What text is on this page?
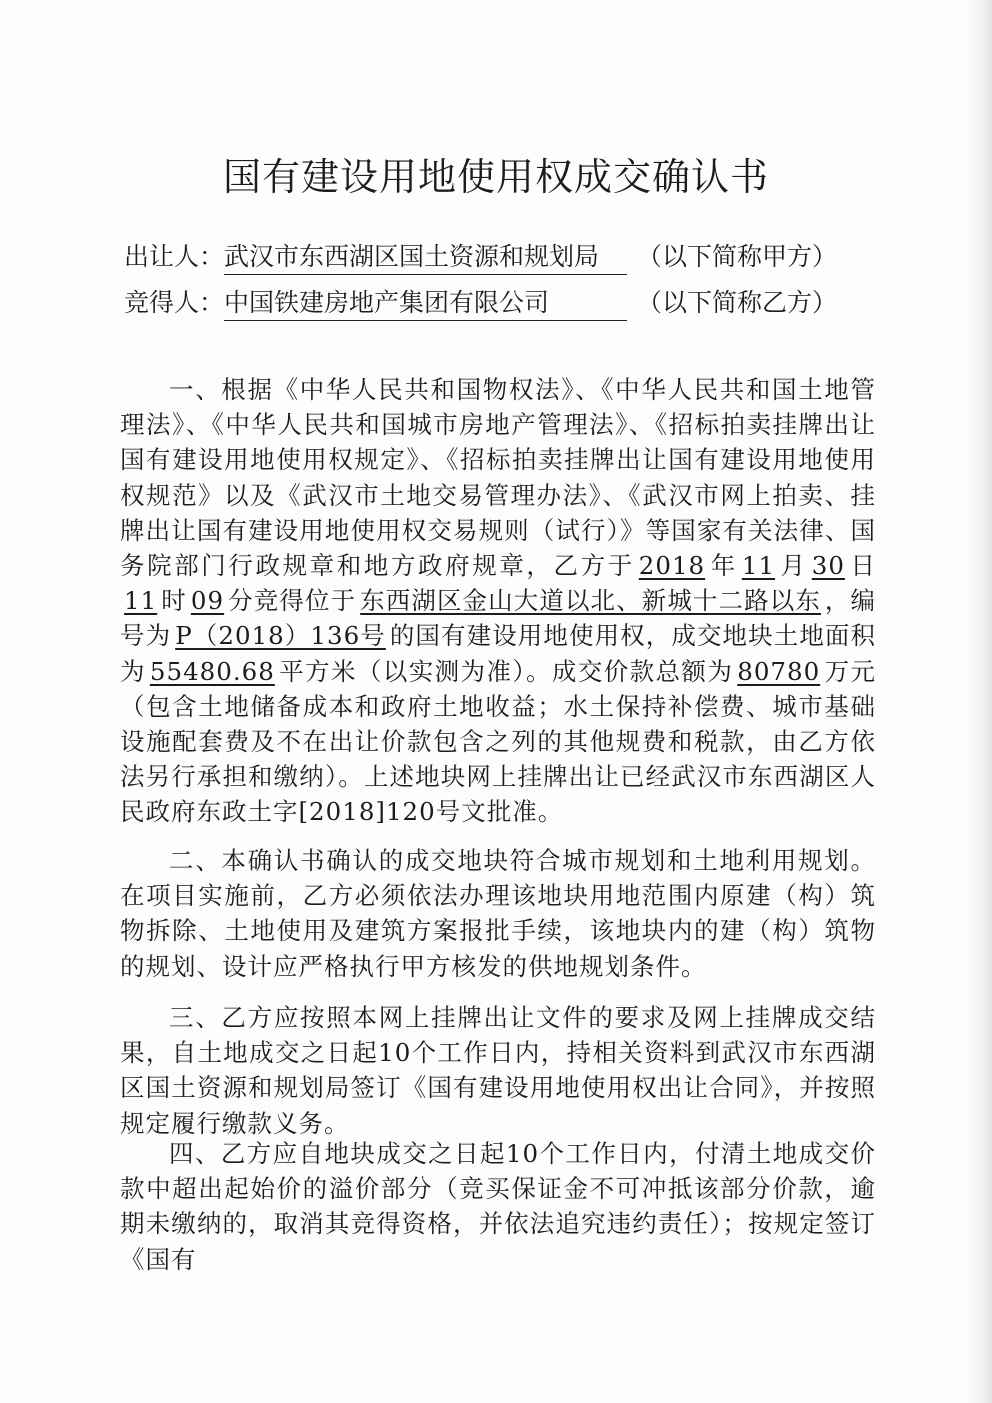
国有建设用地使用权成交确认书
出让人：武汉市东西湖区国土资源和规划局 （以下简称甲方）
竞得人：中国铁建房地产集团有限公司	（以下简称乙方）

一、根据《中华人民共和国物权法》、《中华人民共和国土地管理法》、《中华人民共和国城市房地产管理法》、《招标拍卖挂牌出让国有建设用地使用权规定》、《招标拍卖挂牌出让国有建设用地使用权规范》以及《武汉市土地交易管理办法》、《武汉市网上拍卖、挂牌出让国有建设用地使用权交易规则（试行）》等国家有关法律、国务院部门行政规章和地方政府规章，乙方于 2018 年 11 月 30 日11 时 09 分竞得位于 东西湖区金山大道以北、新城十二路以东 ，编号为 P（2018）136号 的国有建设用地使用权，成交地块土地面积为 55480.68 平方米（以实测为准）。成交价款总额为 80780 万元（包含土地储备成本和政府土地收益；水土保持补偿费、城市基础设施配套费及不在出让价款包含之列的其他规费和税款，由乙方依法另行承担和缴纳）。上述地块网上挂牌出让已经武汉市东西湖区人民政府东政土字[2018]120号文批准。

二、本确认书确认的成交地块符合城市规划和土地利用规划。在项目实施前，乙方必须依法办理该地块用地范围内原建（构）筑物拆除、土地使用及建筑方案报批手续，该地块内的建（构）筑物的规划、设计应严格执行甲方核发的供地规划条件。

三、乙方应按照本网上挂牌出让文件的要求及网上挂牌成交结果，自土地成交之日起10个工作日内，持相关资料到武汉市东西湖区国土资源和规划局签订《国有建设用地使用权出让合同》，并按照规定履行缴款义务。

四、乙方应自地块成交之日起10个工作日内，付清土地成交价款中超出起始价的溢价部分（竞买保证金不可冲抵该部分价款，逾期未缴纳的，取消其竞得资格，并依法追究违约责任）；按规定签订《国有
